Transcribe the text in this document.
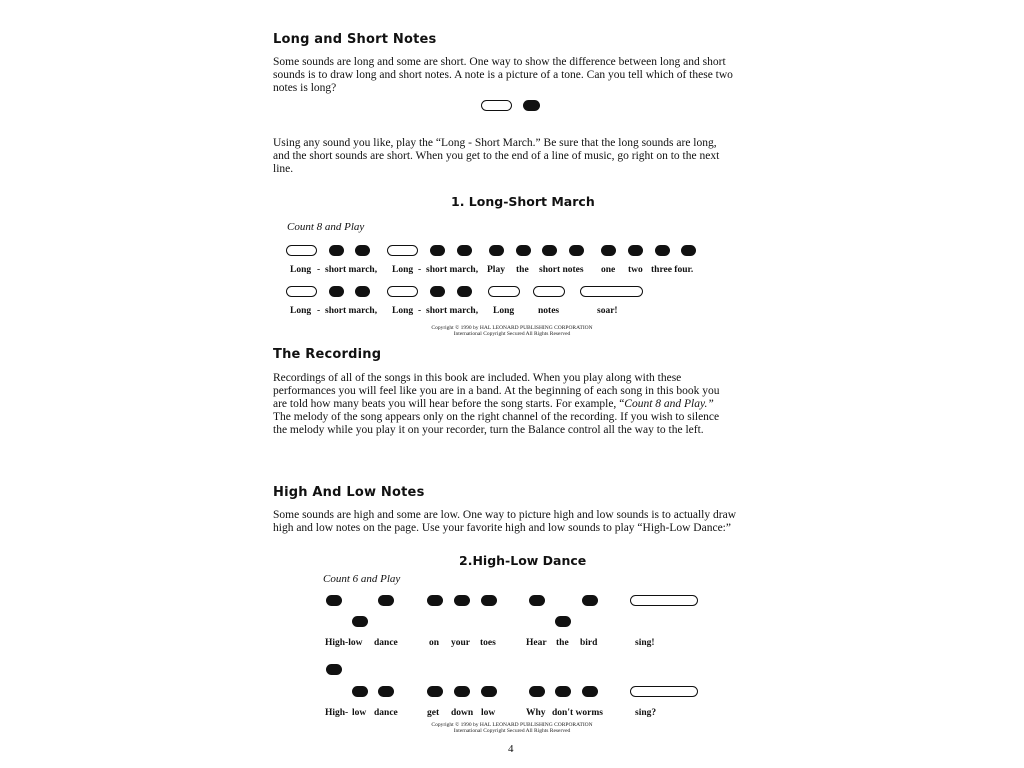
Long and Short Notes
Some sounds are long and some are short. One way to show the difference between long and short
sounds is to draw long and short notes. A note is a picture of a tone. Can you tell which of these two
notes is long?
Using any sound you like, play the “Long - Short March.” Be sure that the long sounds are long,
and the short sounds are short. When you get to the end of a line of music, go right on to the next
line.
1. Long-Short March
Count 8 and Play
Long - short march, Long - short march, Play the short notes one two three four.
Long - short march, Long - short march, Long	notes	soar!
Copyright © 1990 by HAL LEONARD PUBLISHING CORPORATION
International Copyright Secured All Rights Reserved
The Recording
Recordings of all of the songs in this book are included. When you play along with these
performances you will feel like you are in a band. At the beginning of each song in this book you
are told how many beats you will hear before the song starts. For example, “Count 8 and Play.”
The melody of the song appears only on the right channel of the recording. If you wish to silence
the melody while you play it on your recorder, turn the Balance control all the way to the left.
High And Low Notes
Some sounds are high and some are low. One way to picture high and low sounds is to actually draw
high and low notes on the page. Use your favorite high and low sounds to play “High-Low Dance:”
2.High-Low Dance
Count 6 and Play
High-low dance	on your toes	Hear the bird	sing!
High- low dance	get down low	Why don't worms	sing?
Copyright © 1990 by HAL LEONARD PUBLISHING CORPORATION
International Copyright Secured All Rights Reserved
4
